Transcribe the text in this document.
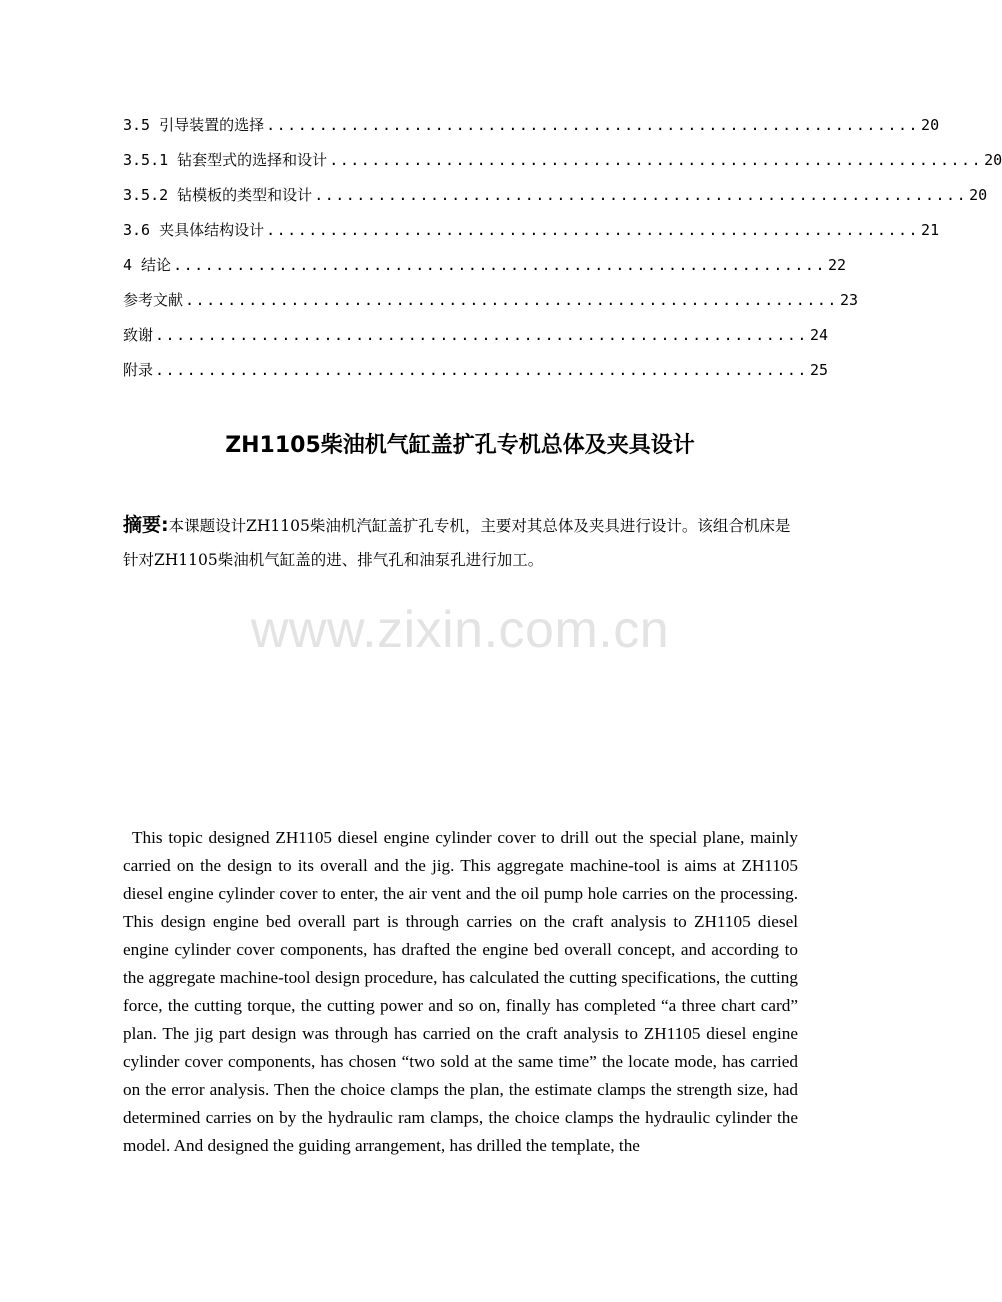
3.5 引导装置的选择 .............................................................. 20
3.5.1 钻套型式的选择和设计 .............................................................. 20
3.5.2 钻模板的类型和设计 .............................................................. 20
3.6 夹具体结构设计 .............................................................. 21
4 结论 .............................................................. 22
参考文献 .............................................................. 23
致谢 .............................................................. 24
附录 .............................................................. 25
ZH1105柴油机气缸盖扩孔专机总体及夹具设计

摘要:本课题设计ZH1105柴油机汽缸盖扩孔专机，主要对其总体及夹具进行设计。该组合机床是针对ZH1105柴油机气缸盖的进、排气孔和油泵孔进行加工。

www.zixin.com.cn

This topic designed ZH1105 diesel engine cylinder cover to drill out the special plane, mainly carried on the design to its overall and the jig. This aggregate machine-tool is aims at ZH1105 diesel engine cylinder cover to enter, the air vent and the oil pump hole carries on the processing. This design engine bed overall part is through carries on the craft analysis to ZH1105 diesel engine cylinder cover components, has drafted the engine bed overall concept, and according to the aggregate machine-tool design procedure, has calculated the cutting specifications, the cutting force, the cutting torque, the cutting power and so on, finally has completed “a three chart card” plan. The jig part design was through has carried on the craft analysis to ZH1105 diesel engine cylinder cover components, has chosen “two sold at the same time” the locate mode, has carried on the error analysis. Then the choice clamps the plan, the estimate clamps the strength size, had determined carries on by the hydraulic ram clamps, the choice clamps the hydraulic cylinder the model. And designed the guiding arrangement, has drilled the template, the
